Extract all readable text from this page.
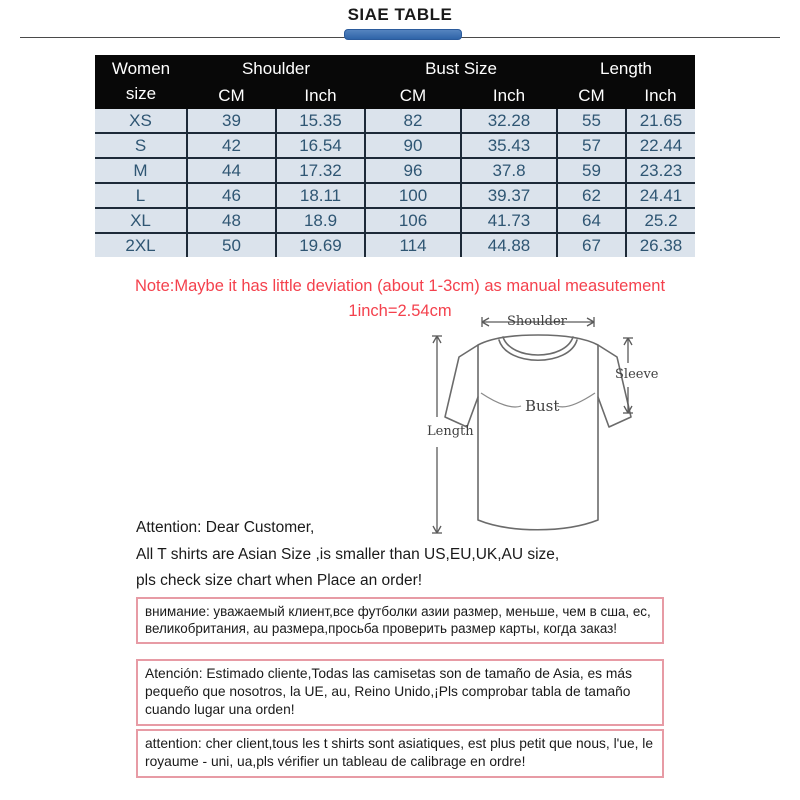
SIAE TABLE
Women
size	Shoulder		Bust Size		Length	
	CM	Inch	CM	Inch	CM	Inch
XS	39	15.35	82	32.28	55	21.65
S	42	16.54	90	35.43	57	22.44
M	44	17.32	96	37.8	59	23.23
L	46	18.11	100	39.37	62	24.41
XL	48	18.9	106	41.73	64	25.2
2XL	50	19.69	114	44.88	67	26.38
Note:Maybe it has little deviation (about 1-3cm) as manual measutement
1inch=2.54cm
Shoulder
Sleeve
Bust
Length
Attention: Dear Customer,
All T shirts are Asian Size ,is smaller than US,EU,UK,AU size,
pls check size chart when Place an order!
внимание: уважаемый клиент,все футболки азии размер, меньше, чем в сша, ес, великобритания, au размера,просьба проверить размер карты, когда заказ!
Atención: Estimado cliente,Todas las camisetas son de tamaño de Asia, es más pequeño que nosotros, la UE, au, Reino Unido,¡Pls comprobar tabla de tamaño cuando lugar una orden!
attention: cher client,tous les t shirts sont asiatiques, est plus petit que nous, l'ue, le royaume - uni, ua,pls vérifier un tableau de calibrage en ordre!
